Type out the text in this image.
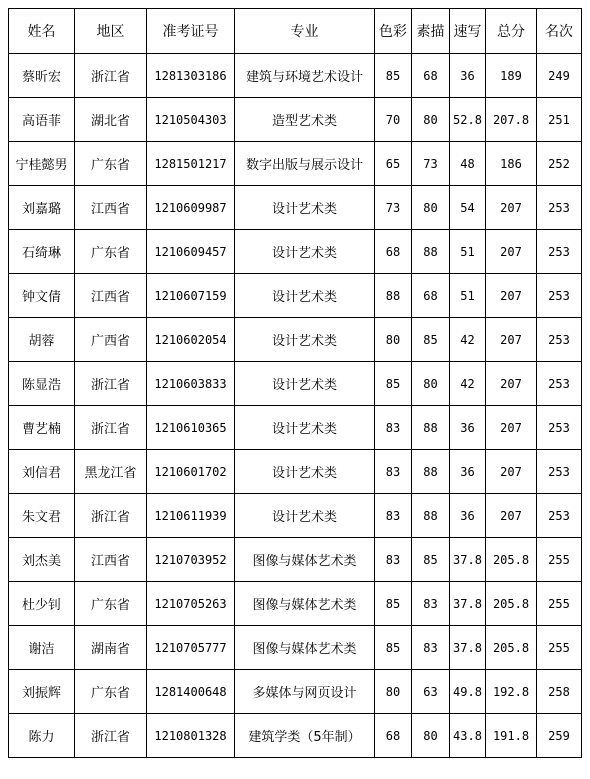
姓名	地区	准考证号	专业	色彩	素描	速写	总分	名次
蔡昕宏	浙江省	1281303186	建筑与环境艺术设计	85	68	36	189	249
高语菲	湖北省	1210504303	造型艺术类	70	80	52.8	207.8	251
宁桂懿男	广东省	1281501217	数字出版与展示设计	65	73	48	186	252
刘嘉璐	江西省	1210609987	设计艺术类	73	80	54	207	253
石绮琳	广东省	1210609457	设计艺术类	68	88	51	207	253
钟文倩	江西省	1210607159	设计艺术类	88	68	51	207	253
胡蓉	广西省	1210602054	设计艺术类	80	85	42	207	253
陈显浩	浙江省	1210603833	设计艺术类	85	80	42	207	253
曹艺楠	浙江省	1210610365	设计艺术类	83	88	36	207	253
刘信君	黑龙江省	1210601702	设计艺术类	83	88	36	207	253
朱文君	浙江省	1210611939	设计艺术类	83	88	36	207	253
刘杰美	江西省	1210703952	图像与媒体艺术类	83	85	37.8	205.8	255
杜少钊	广东省	1210705263	图像与媒体艺术类	85	83	37.8	205.8	255
谢洁	湖南省	1210705777	图像与媒体艺术类	85	83	37.8	205.8	255
刘振辉	广东省	1281400648	多媒体与网页设计	80	63	49.8	192.8	258
陈力	浙江省	1210801328	建筑学类（5年制）	68	80	43.8	191.8	259
